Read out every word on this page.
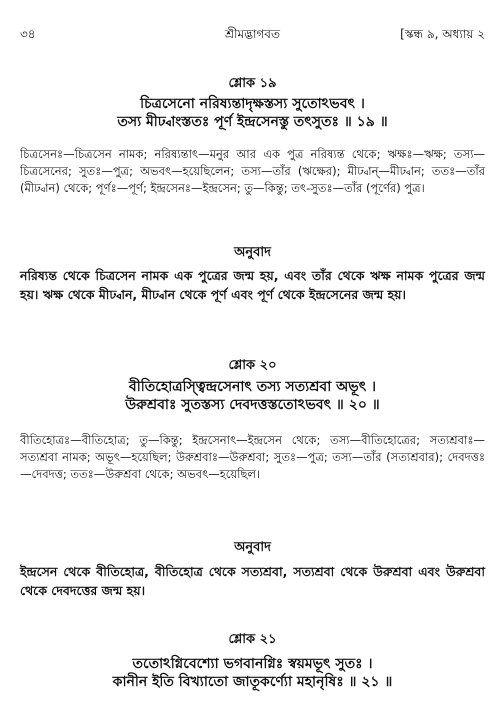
৩৪	শ্রীমদ্ভাগবত	[স্কন্ধ ৯, অধ্যায় ২
শ্লোক ১৯
চিত্রসেনো নরিষ্যন্তাদৃক্ষস্তস্য সুতোঽভবৎ ।
তস্য মীঢ্বাংস্ততঃ পূর্ণ ইন্দ্রসেনস্তু তৎসুতঃ ॥ ১৯ ॥
চিত্রসেনঃ—চিত্রসেন নামক; নরিষ্যন্তাৎ—মনুর আর এক পুত্র নরিষ্যন্ত থেকে; ঋক্ষঃ—ঋক্ষ; তস্য—চিত্রসেনের; সুতঃ—পুত্র; অভবৎ—হয়েছিলেন; তস্য—তাঁর (ঋক্ষের); মীঢ্বান্—মীঢ্বান; ততঃ—তাঁর (মীঢ্বান) থেকে; পূর্ণঃ—পূর্ণ; ইন্দ্রসেনঃ—ইন্দ্রসেন; তু—কিন্তু; তৎ-সুতঃ—তাঁর (পূর্ণের) পুত্র।
অনুবাদ
নরিষ্যন্ত থেকে চিত্রসেন নামক এক পুত্রের জন্ম হয়, এবং তাঁর থেকে ঋক্ষ নামক পুত্রের জন্ম হয়। ঋক্ষ থেকে মীঢ্বান, মীঢ্বান থেকে পূর্ণ এবং পূর্ণ থেকে ইন্দ্রসেনের জন্ম হয়।
শ্লোক ২০
বীতিহোত্রস্ত্বিন্দ্রসেনাৎ তস্য সত্যশ্রবা অভূৎ ।
উরুশ্রবাঃ সুতস্তস্য দেবদত্তস্ততোঽভবৎ ॥ ২০ ॥
বীতিহোত্রঃ—বীতিহোত্র; তু—কিন্তু; ইন্দ্রসেনাৎ—ইন্দ্রসেন থেকে; তস্য—বীতিহোত্রের; সত্যশ্রবাঃ—সত্যশ্রবা নামক; অভূৎ—হয়েছিল; উরুশ্রবাঃ—উরুশ্রবা; সুতঃ—পুত্র; তস্য—তাঁর (সত্যশ্রবার); দেবদত্তঃ—দেবদত্ত; ততঃ—উরুশ্রবা থেকে; অভবৎ—হয়েছিল।
অনুবাদ
ইন্দ্রসেন থেকে বীতিহোত্র, বীতিহোত্র থেকে সত্যশ্রবা, সত্যশ্রবা থেকে উরুশ্রবা এবং উরুশ্রবা থেকে দেবদত্তের জন্ম হয়।
শ্লোক ২১
ততোঽগ্নিবেশ্যো ভগবানগ্নিঃ স্বয়মভূৎ সুতঃ ।
কানীন ইতি বিখ্যাতো জাতূকর্ণ্যো মহানৃষিঃ ॥ ২১ ॥
